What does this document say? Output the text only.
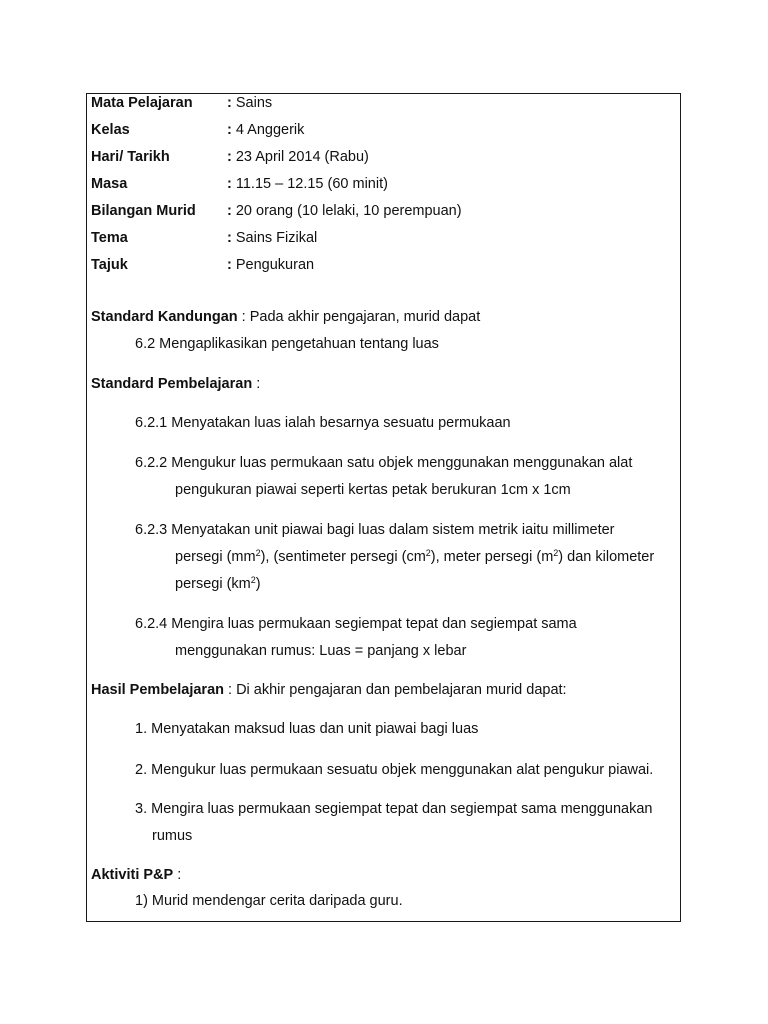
Mata Pelajaran : Sains
Kelas	: 4 Anggerik
Hari/ Tarikh	: 23 April 2014 (Rabu)
Masa	: 11.15 – 12.15 (60 minit)
Bilangan Murid : 20 orang (10 lelaki, 10 perempuan)
Tema	: Sains Fizikal
Tajuk	: Pengukuran
Standard Kandungan : Pada akhir pengajaran, murid dapat
6.2 Mengaplikasikan pengetahuan tentang luas
Standard Pembelajaran :
6.2.1 Menyatakan luas ialah besarnya sesuatu permukaan
6.2.2 Mengukur luas permukaan satu objek menggunakan menggunakan alat
pengukuran piawai seperti kertas petak berukuran 1cm x 1cm
6.2.3 Menyatakan unit piawai bagi luas dalam sistem metrik iaitu millimeter
persegi $(mm^2)$, (sentimeter persegi $(cm^2)$, meter persegi $(m^2)$ dan kilometer
persegi $(km^2)$
6.2.4 Mengira luas permukaan segiempat tepat dan segiempat sama
menggunakan rumus: Luas = panjang x lebar
Hasil Pembelajaran : Di akhir pengajaran dan pembelajaran murid dapat:
1. Menyatakan maksud luas dan unit piawai bagi luas
2. Mengukur luas permukaan sesuatu objek menggunakan alat pengukur piawai.
3. Mengira luas permukaan segiempat tepat dan segiempat sama menggunakan
rumus
Aktiviti P&P :
1) Murid mendengar cerita daripada guru.
